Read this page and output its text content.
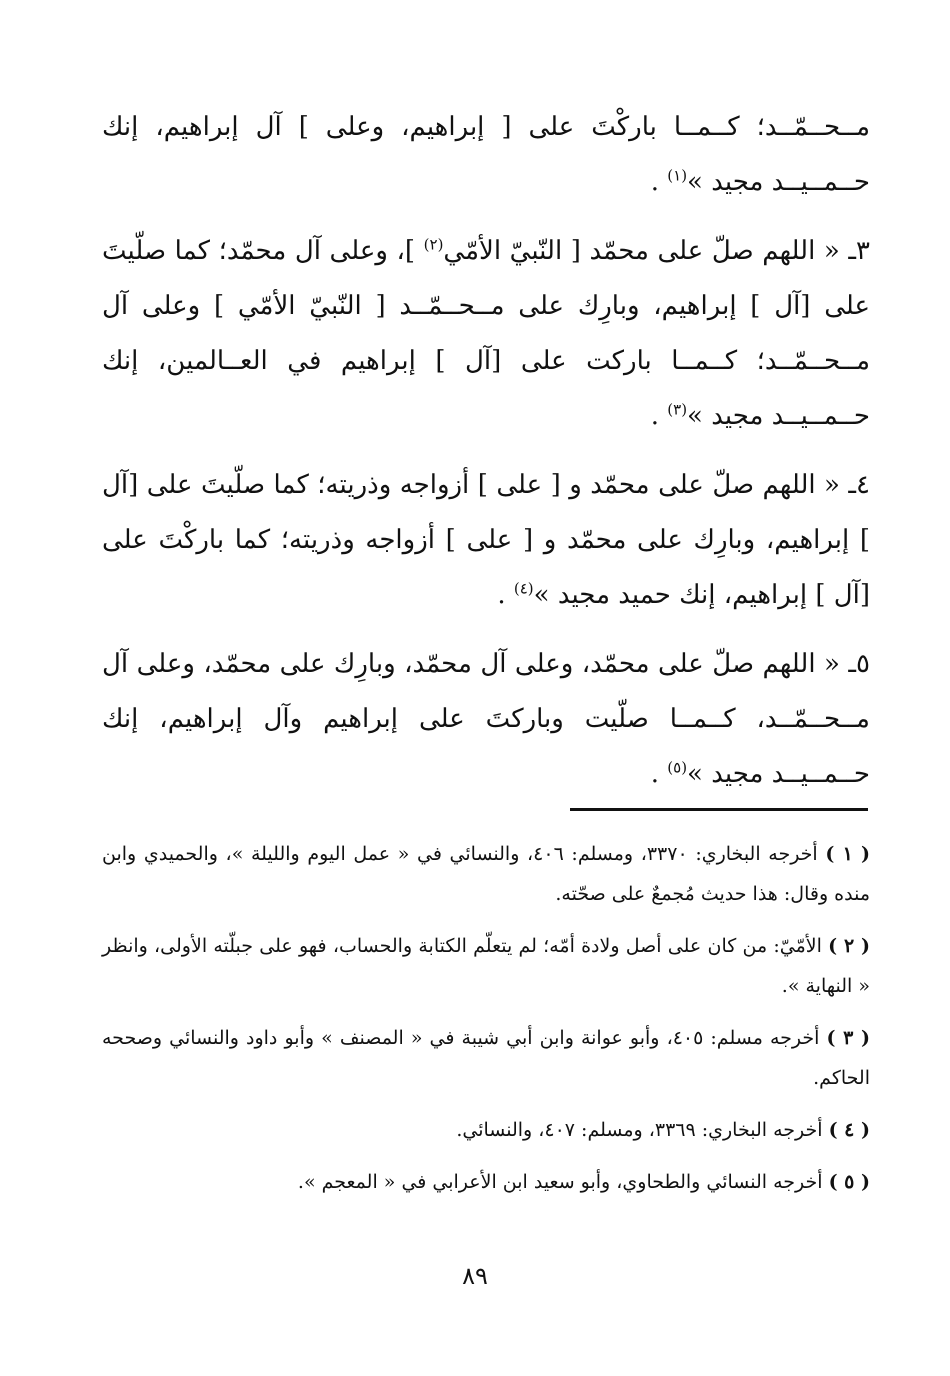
مــحــمّــد؛ كــمــا باركْتَ على [ إبراهيم، وعلى ] آل إبراهيم، إنك حــمــيــد مجيد »$^{(١)}$ .

٣ـ « اللهم صلّ على محمّد [ النّبيّ الأمّي$^{(٢)}$ ]، وعلى آل محمّد؛ كما صلّيتَ على [آل ] إبراهيم، وبارِك على مــحــمّــد [ النّبيّ الأمّي ] وعلى آل مــحــمّــد؛ كــمــا باركت على [آل ] إبراهيم في العــالمين، إنك حــمــيــد مجيد »$^{(٣)}$ .

٤ـ « اللهم صلّ على محمّد و [ على ] أزواجه وذريته؛ كما صلّيتَ على [آل ] إبراهيم، وبارِك على محمّد و [ على ] أزواجه وذريته؛ كما باركْتَ على [آل ] إبراهيم، إنك حميد مجيد »$^{(٤)}$ .

٥ـ « اللهم صلّ على محمّد، وعلى آل محمّد، وبارِك على محمّد، وعلى آل مــحــمّــد، كــمــا صلّيت وباركتَ على إبراهيم وآل إبراهيم، إنك حــمــيــد مجيد »$^{(٥)}$ .

( ١ ) أخرجه البخاري: ٣٣٧٠، ومسلم: ٤٠٦، والنسائي في « عمل اليوم والليلة »، والحميدي وابن منده وقال: هذا حديث مُجمعٌ على صحّته.

( ٢ ) الأمّيّ: من كان على أصل ولادة أمّه؛ لم يتعلّم الكتابة والحساب، فهو على جبلّته الأولى، وانظر « النهاية ».

( ٣ ) أخرجه مسلم: ٤٠٥، وأبو عوانة وابن أبي شيبة في « المصنف » وأبو داود والنسائي وصححه الحاكم.

( ٤ ) أخرجه البخاري: ٣٣٦٩، ومسلم: ٤٠٧، والنسائي.

( ٥ ) أخرجه النسائي والطحاوي، وأبو سعيد ابن الأعرابي في « المعجم ».

٨٩
